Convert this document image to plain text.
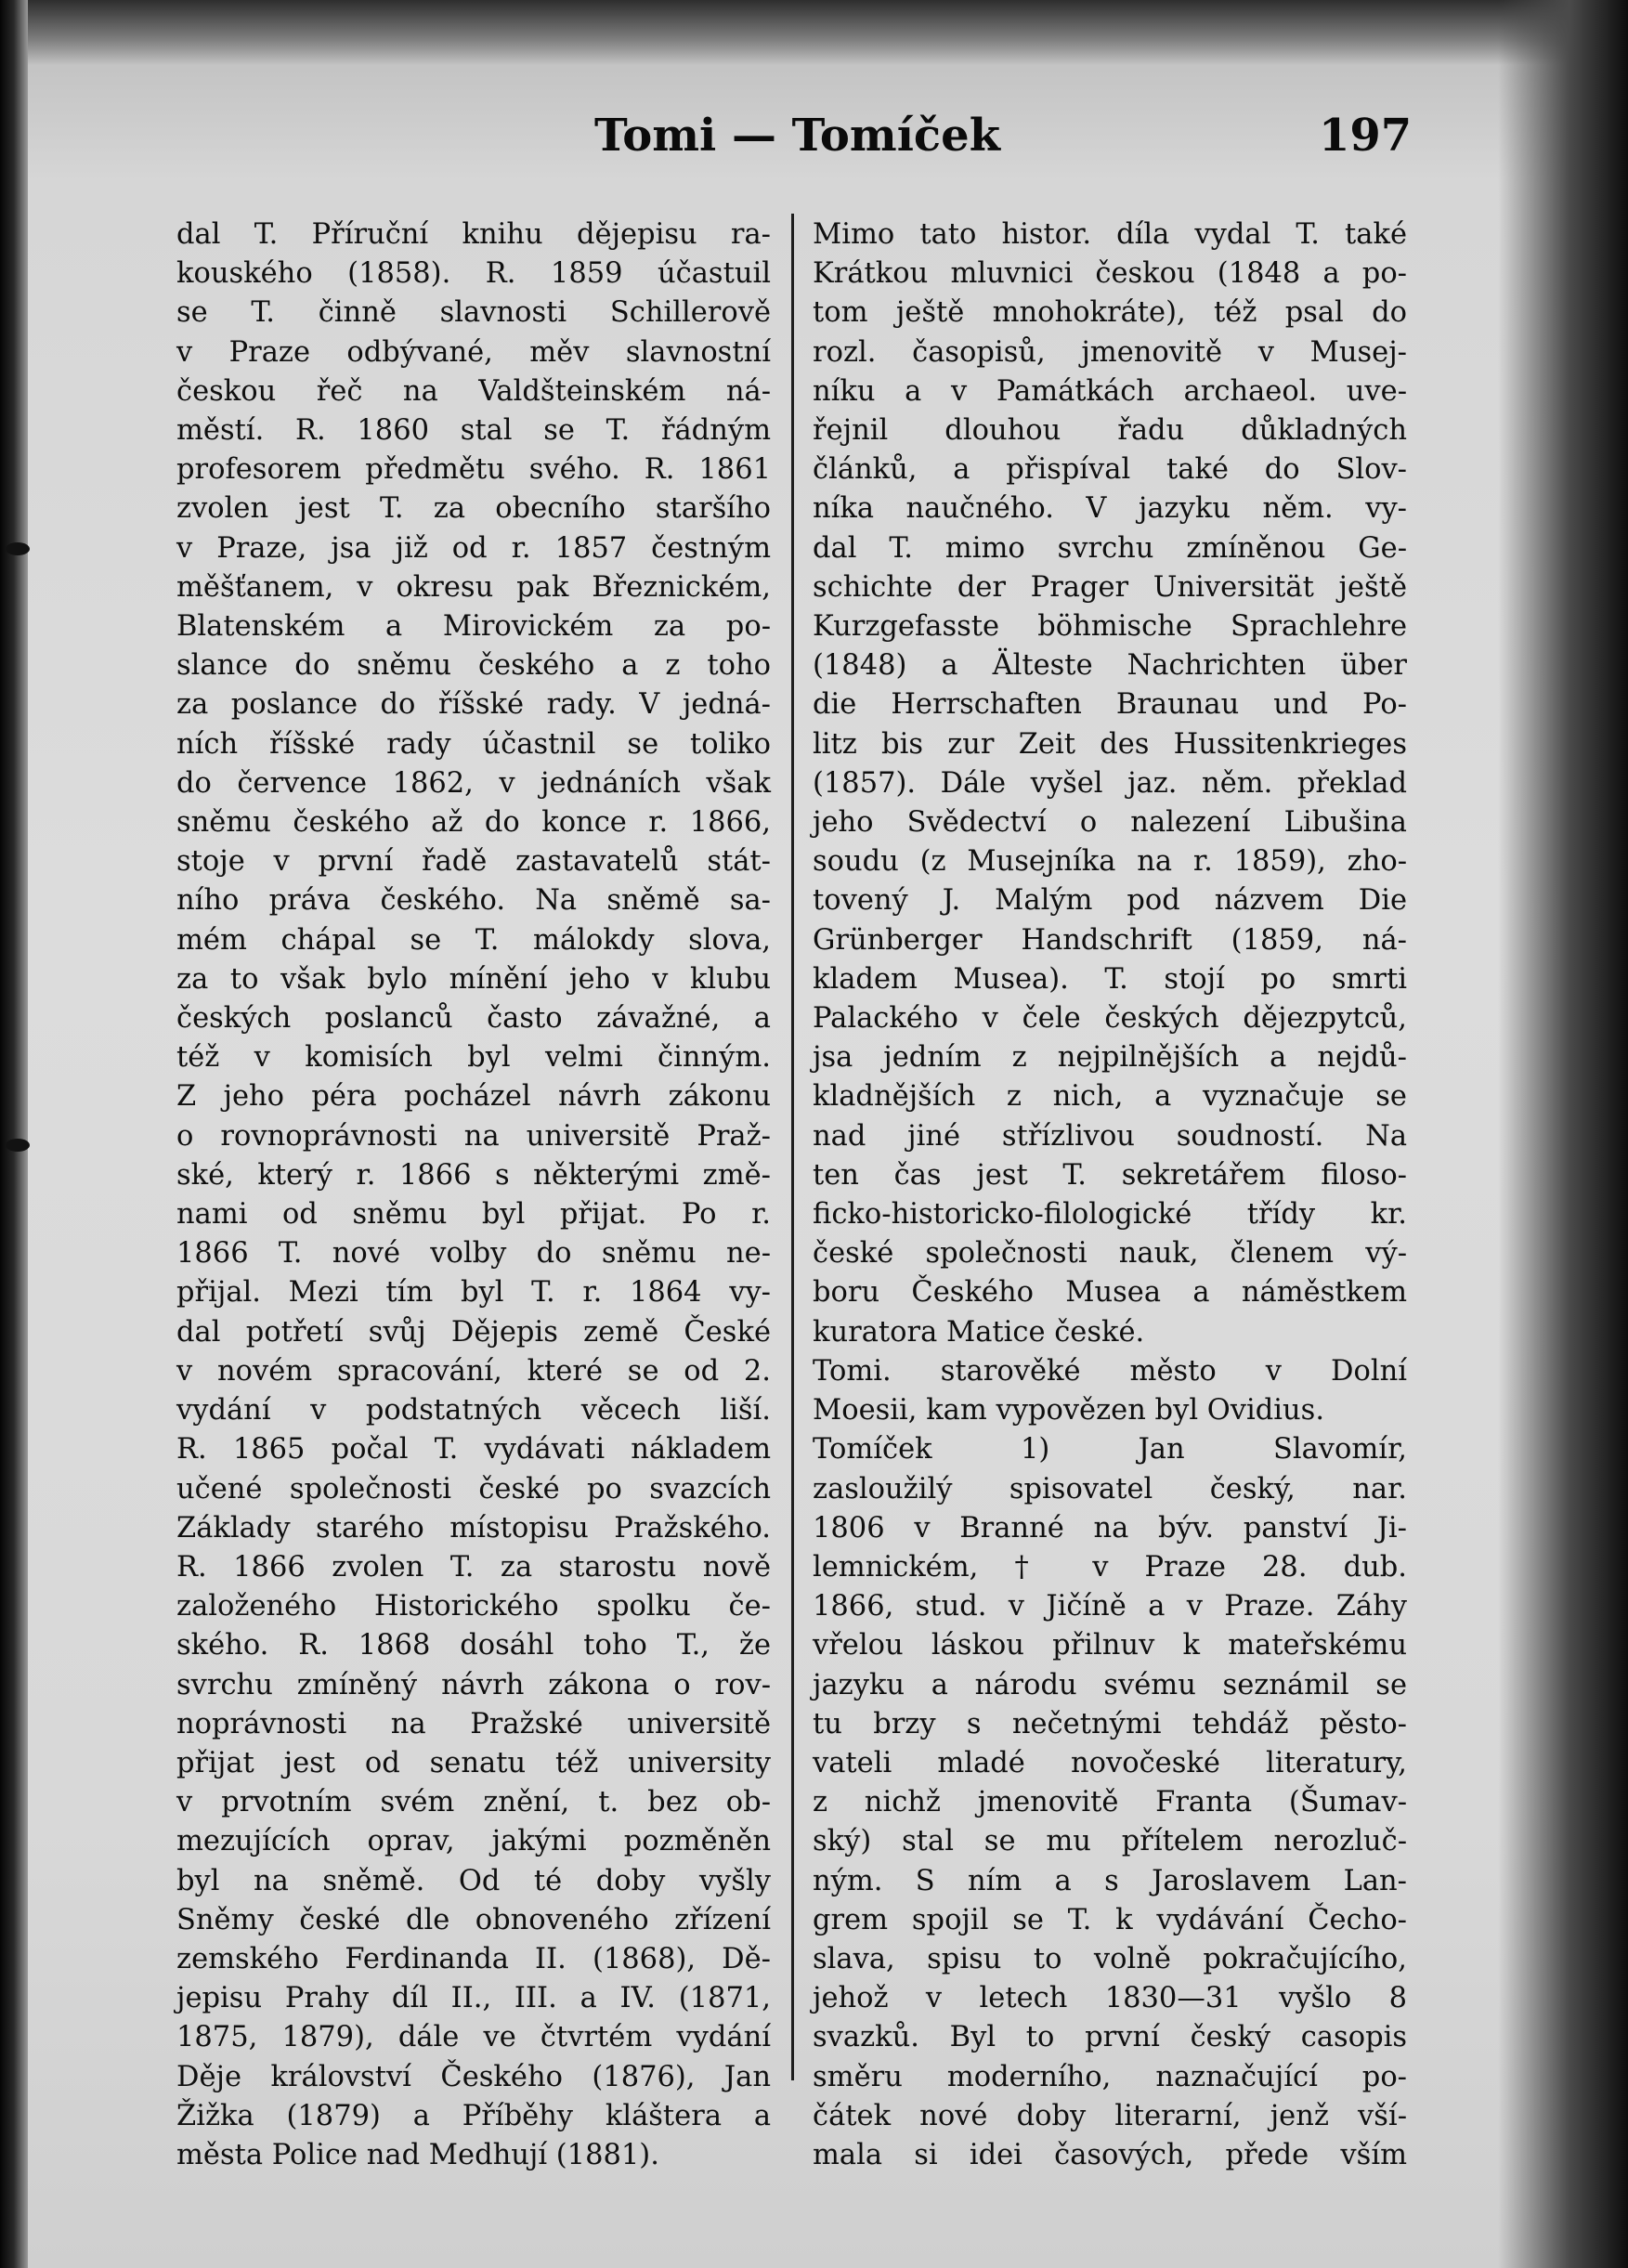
Tomi — Tomíček	197
dal T. Příruční knihu dějepisu ra-
kouského (1858). R. 1859 účastuil
se T. činně slavnosti Schillerově
v Praze odbývané, měv slavnostní
českou řeč na Valdšteinském ná-
městí. R. 1860 stal se T. řádným
profesorem předmětu svého. R. 1861
zvolen jest T. za obecního staršího
v Praze, jsa již od r. 1857 čestným
měšťanem, v okresu pak Březnickém,
Blatenském a Mirovickém za po-
slance do sněmu českého a z toho
za poslance do říšské rady. V jedná-
ních říšské rady účastnil se toliko
do července 1862, v jednáních však
sněmu českého až do konce r. 1866,
stoje v první řadě zastavatelů stát-
ního práva českého. Na sněmě sa-
mém chápal se T. málokdy slova,
za to však bylo mínění jeho v klubu
českých poslanců často závažné, a
též v komisích byl velmi činným.
Z jeho péra pocházel návrh zákonu
o rovnoprávnosti na universitě Praž-
ské, který r. 1866 s některými změ-
nami od sněmu byl přijat. Po r.
1866 T. nové volby do sněmu ne-
přijal. Mezi tím byl T. r. 1864 vy-
dal potřetí svůj Dějepis země České
v novém spracování, které se od 2.
vydání v podstatných věcech liší.
R. 1865 počal T. vydávati nákladem
učené společnosti české po svazcích
Základy starého místopisu Pražského.
R. 1866 zvolen T. za starostu nově
založeného Historického spolku če-
ského. R. 1868 dosáhl toho T., že
svrchu zmíněný návrh zákona o rov-
noprávnosti na Pražské universitě
přijat jest od senatu též university
v prvotním svém znění, t. bez ob-
mezujících oprav, jakými pozměněn
byl na sněmě. Od té doby vyšly
Sněmy české dle obnoveného zřízení
zemského Ferdinanda II. (1868), Dě-
jepisu Prahy díl II., III. a IV. (1871,
1875, 1879), dále ve čtvrtém vydání
Děje království Českého (1876), Jan
Žižka (1879) a Příběhy kláštera a
města Police nad Medhují (1881).
Mimo tato histor. díla vydal T. také
Krátkou mluvnici českou (1848 a po-
tom ještě mnohokráte), též psal do
rozl. časopisů, jmenovitě v Musej-
níku a v Památkách archaeol. uve-
řejnil dlouhou řadu důkladných
článků, a přispíval také do Slov-
níka naučného. V jazyku něm. vy-
dal T. mimo svrchu zmíněnou Ge-
schichte der Prager Universität ještě
Kurzgefasste böhmische Sprachlehre
(1848) a Älteste Nachrichten über
die Herrschaften Braunau und Po-
litz bis zur Zeit des Hussitenkrieges
(1857). Dále vyšel jaz. něm. překlad
jeho Svědectví o nalezení Libušina
soudu (z Musejníka na r. 1859), zho-
tovený J. Malým pod názvem Die
Grünberger Handschrift (1859, ná-
kladem Musea). T. stojí po smrti
Palackého v čele českých dějezpytců,
jsa jedním z nejpilnějších a nejdů-
kladnějších z nich, a vyznačuje se
nad jiné střízlivou soudností. Na
ten čas jest T. sekretářem filoso-
ficko-historicko-filologické třídy kr.
české společnosti nauk, členem vý-
boru Českého Musea a náměstkem
kuratora Matice české.
Tomi. starověké město v Dolní
Moesii, kam vypovězen byl Ovidius.
Tomíček 1) Jan Slavomír,
zasloužilý spisovatel český, nar.
1806 v Branné na býv. panství Ji-
lemnickém, † v Praze 28. dub.
1866, stud. v Jičíně a v Praze. Záhy
vřelou láskou přilnuv k mateřskému
jazyku a národu svému seznámil se
tu brzy s nečetnými tehdáž pěsto-
vateli mladé novočeské literatury,
z nichž jmenovitě Franta (Šumav-
ský) stal se mu přítelem nerozluč-
ným. S ním a s Jaroslavem Lan-
grem spojil se T. k vydávání Čecho-
slava, spisu to volně pokračujícího,
jehož v letech 1830—31 vyšlo 8
svazků. Byl to první český casopis
směru moderního, naznačující po-
čátek nové doby literarní, jenž vší-
mala si idei časových, přede vším
